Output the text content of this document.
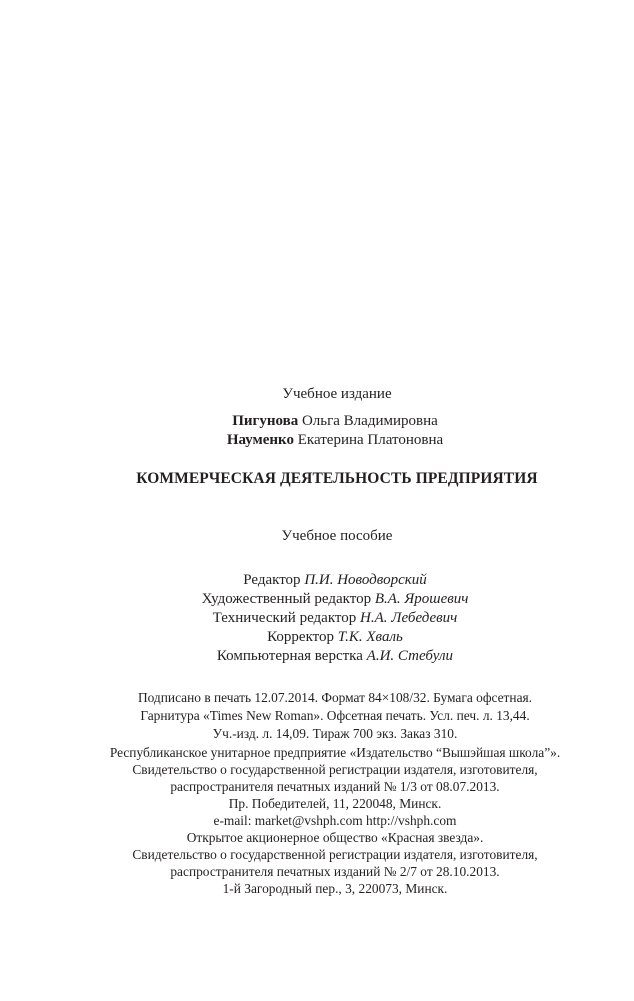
Учебное издание
Пигунова Ольга Владимировна
Науменко Екатерина Платоновна
КОММЕРЧЕСКАЯ ДЕЯТЕЛЬНОСТЬ ПРЕДПРИЯТИЯ
Учебное пособие
Редактор П.И. Новодворский
Художественный редактор В.А. Ярошевич
Технический редактор Н.А. Лебедевич
Корректор Т.К. Хваль
Компьютерная верстка А.И. Стебули
Подписано в печать 12.07.2014. Формат 84×108/32. Бумага офсетная.
Гарнитура «Times New Roman». Офсетная печать. Усл. печ. л. 13,44.
Уч.-изд. л. 14,09. Тираж 700 экз. Заказ 310.
Республиканское унитарное предприятие «Издательство “Вышэйшая школа”».
Свидетельство о государственной регистрации издателя, изготовителя,
распространителя печатных изданий № 1/3 от 08.07.2013.
Пр. Победителей, 11, 220048, Минск.
e-mail: market@vshph.com http://vshph.com
Открытое акционерное общество «Красная звезда».
Свидетельство о государственной регистрации издателя, изготовителя,
распространителя печатных изданий № 2/7 от 28.10.2013.
1-й Загородный пер., 3, 220073, Минск.
